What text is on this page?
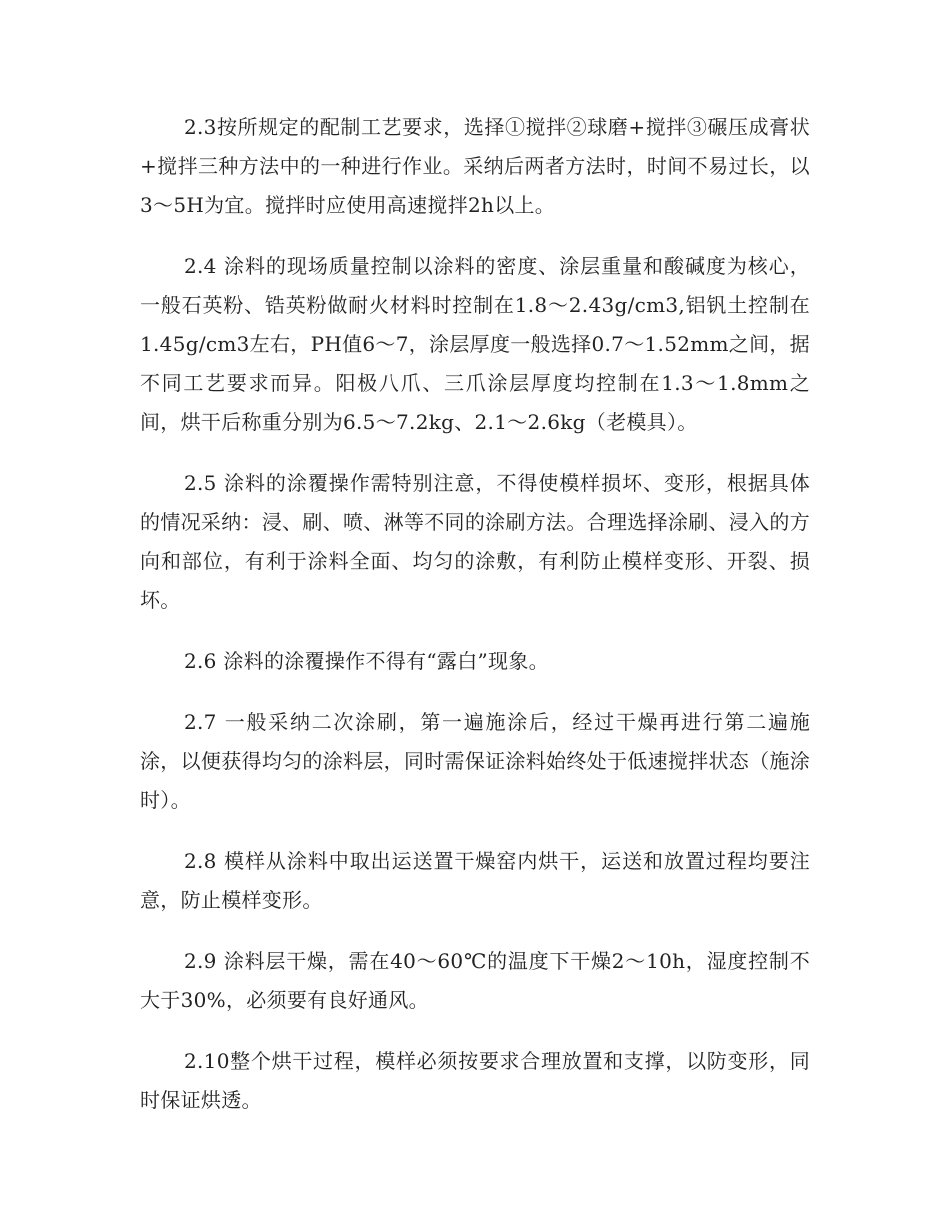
2.3按所规定的配制工艺要求，选择①搅拌②球磨+搅拌③碾压成膏状+搅拌三种方法中的一种进行作业。采纳后两者方法时，时间不易过长，以3～5H为宜。搅拌时应使用高速搅拌2h以上。

2.4 涂料的现场质量控制以涂料的密度、涂层重量和酸碱度为核心，一般石英粉、锆英粉做耐火材料时控制在1.8～2.43g/cm3,铝钒土控制在1.45g/cm3左右，PH值6～7，涂层厚度一般选择0.7～1.52mm之间，据不同工艺要求而异。阳极八爪、三爪涂层厚度均控制在1.3～1.8mm之间，烘干后称重分别为6.5～7.2kg、2.1～2.6kg（老模具）。

2.5 涂料的涂覆操作需特别注意，不得使模样损坏、变形，根据具体的情况采纳：浸、刷、喷、淋等不同的涂刷方法。合理选择涂刷、浸入的方向和部位，有利于涂料全面、均匀的涂敷，有利防止模样变形、开裂、损坏。

2.6 涂料的涂覆操作不得有“露白”现象。

2.7 一般采纳二次涂刷，第一遍施涂后，经过干燥再进行第二遍施涂，以便获得均匀的涂料层，同时需保证涂料始终处于低速搅拌状态（施涂时）。

2.8 模样从涂料中取出运送置干燥窑内烘干，运送和放置过程均要注意，防止模样变形。

2.9 涂料层干燥，需在40～60℃的温度下干燥2～10h，湿度控制不大于30%，必须要有良好通风。

2.10整个烘干过程，模样必须按要求合理放置和支撑，以防变形，同时保证烘透。
